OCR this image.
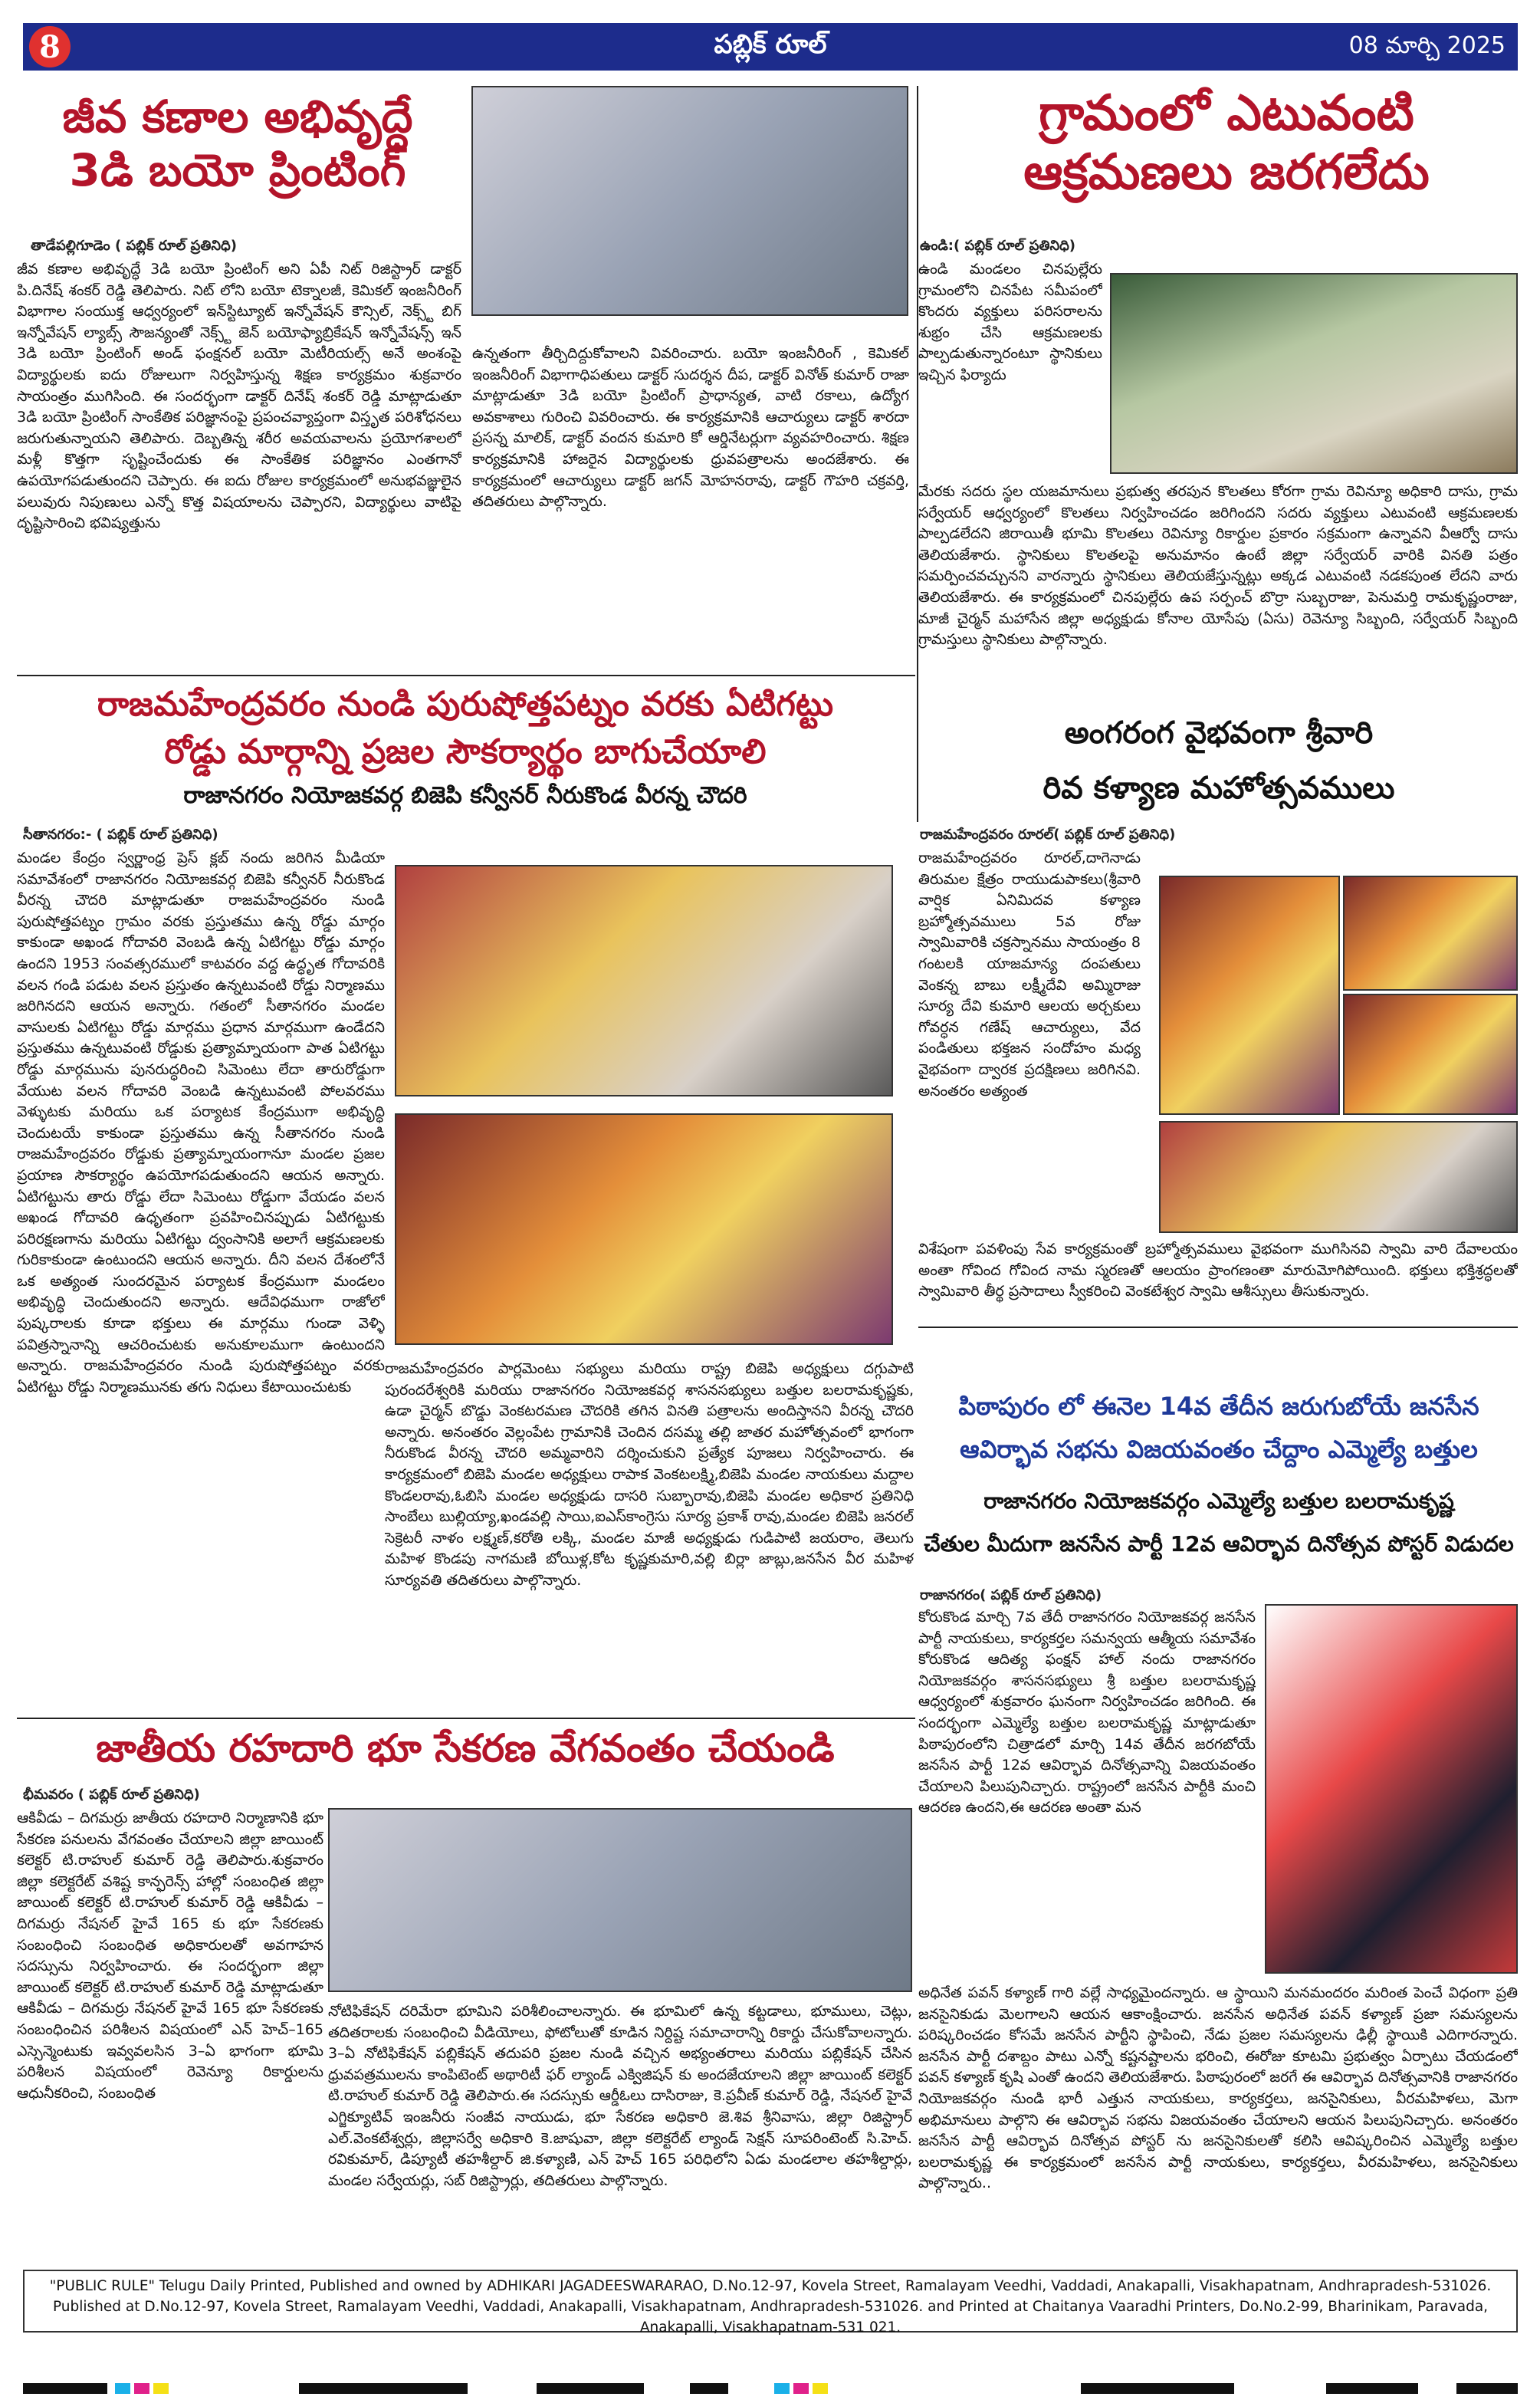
8	పబ్లిక్ రూల్	08 మార్చి 2025
జీవ కణాల అభివృద్ధే
3డి బయో ప్రింటింగ్
తాడేపల్లిగూడెం ( పబ్లిక్ రూల్ ప్రతినిధి)
జీవ కణాల అభివృద్ధే 3డి బయో ప్రింటింగ్ అని ఏపీ నిట్ రిజిస్ట్రార్ డాక్టర్ పి.దినేష్ శంకర్ రెడ్డి తెలిపారు. నిట్ లోని బయో టెక్నాలజీ, కెమికల్ ఇంజనీరింగ్ విభాగాల సంయుక్త ఆధ్వర్యంలో ఇన్‌స్టిట్యూట్ ఇన్నోవేషన్ కౌన్సిల్, నెక్స్ట్ బిగ్ ఇన్నోవేషన్ ల్యాబ్స్ సౌజన్యంతో నెక్స్ట్ జెన్ బయోఫ్యాబ్రికేషన్ ఇన్నోవేషన్స్ ఇన్ 3డి బయో ప్రింటింగ్ అండ్ ఫంక్షనల్ బయో మెటీరియల్స్ అనే అంశంపై విద్యార్థులకు ఐదు రోజులుగా నిర్వహిస్తున్న శిక్షణ కార్యక్రమం శుక్రవారం సాయంత్రం ముగిసింది. ఈ సందర్భంగా డాక్టర్ దినేష్ శంకర్ రెడ్డి మాట్లాడుతూ 3డి బయో ప్రింటింగ్ సాంకేతిక పరిజ్ఞానంపై ప్రపంచవ్యాప్తంగా విస్తృత పరిశోధనలు జరుగుతున్నాయని తెలిపారు. దెబ్బతిన్న శరీర అవయవాలను ప్రయోగశాలలో మళ్లీ కొత్తగా సృష్టించేందుకు ఈ సాంకేతిక పరిజ్ఞానం ఎంతగానో ఉపయోగపడుతుందని చెప్పారు. ఈ ఐదు రోజుల కార్యక్రమంలో అనుభవజ్ఞులైన పలువురు నిపుణులు ఎన్నో కొత్త విషయాలను చెప్పారని, విద్యార్థులు వాటిపై దృష్టిసారించి భవిష్యత్తును
ఉన్నతంగా తీర్చిదిద్దుకోవాలని వివరించారు. బయో ఇంజనీరింగ్ , కెమికల్ ఇంజనీరింగ్ విభాగాధిపతులు డాక్టర్ సుదర్శన దీప, డాక్టర్ వినోత్ కుమార్ రాజా మాట్లాడుతూ 3డి బయో ప్రింటింగ్ ప్రాధాన్యత, వాటి రకాలు, ఉద్యోగ అవకాశాలు గురించి వివరించారు. ఈ కార్యక్రమానికి ఆచార్యులు డాక్టర్ శారదా ప్రసన్న మాలిక్, డాక్టర్ వందన కుమారి కో ఆర్డినేటర్లుగా వ్యవహరించారు. శిక్షణ కార్యక్రమానికి హాజరైన విద్యార్థులకు ధ్రువపత్రాలను అందజేశారు. ఈ కార్యక్రమంలో ఆచార్యులు డాక్టర్ జగన్ మోహనరావు, డాక్టర్ గౌహరి చక్రవర్తి, తదితరులు పాల్గొన్నారు.
గ్రామంలో ఎటువంటి
ఆక్రమణలు జరగలేదు
ఉండి:( పబ్లిక్ రూల్ ప్రతినిధి)
ఉండి మండలం చినపుల్లేరు గ్రామంలోని చినపేట సమీపంలో కొందరు వ్యక్తులు పరిసరాలను శుభ్రం చేసి ఆక్రమణలకు పాల్పడుతున్నారంటూ స్థానికులు ఇచ్చిన ఫిర్యాదు
మేరకు సదరు స్థల యజమానులు ప్రభుత్వ తరపున కొలతలు కోరగా గ్రామ రెవిన్యూ అధికారి దాసు, గ్రామ సర్వేయర్ ఆధ్వర్యంలో కొలతలు నిర్వహించడం జరిగిందని సదరు వ్యక్తులు ఎటువంటి ఆక్రమణలకు పాల్పడలేదని జిరాయితీ భూమి కొలతలు రెవిన్యూ రికార్డుల ప్రకారం సక్రమంగా ఉన్నావని వీఆర్వో దాసు తెలియజేశారు. స్థానికులు కొలతలపై అనుమానం ఉంటే జిల్లా సర్వేయర్ వారికి వినతి పత్రం సమర్పించవచ్చునని వారన్నారు స్థానికులు తెలియజేస్తున్నట్లు అక్కడ ఎటువంటి నడకపుంత లేదని వారు తెలియజేశారు. ఈ కార్యక్రమంలో చినపుల్లేరు ఉప సర్పంచ్ బొర్రా సుబ్బరాజు, పెనుమర్తి రామకృష్ణంరాజు, మాజీ చైర్మన్ మహాసేన జిల్లా అధ్యక్షుడు కోనాల యోసేపు (ఏసు) రెవెన్యూ సిబ్బంది, సర్వేయర్ సిబ్బంది గ్రామస్తులు స్థానికులు పాల్గొన్నారు.
రాజమహేంద్రవరం నుండి పురుషోత్తపట్నం వరకు ఏటిగట్టు
రోడ్డు మార్గాన్ని ప్రజల సౌకర్యార్థం బాగుచేయాలి
రాజానగరం నియోజకవర్గ బిజెపి కన్వీనర్ నీరుకొండ వీరన్న చౌదరి
సీతానగరం:- ( పబ్లిక్ రూల్ ప్రతినిధి)
మండల కేంద్రం స్వర్ణాంధ్ర ప్రెస్ క్లబ్ నందు జరిగిన మీడియా సమావేశంలో రాజానగరం నియోజకవర్గ బిజెపి కన్వీనర్ నీరుకొండ వీరన్న చౌదరి మాట్లాడుతూ రాజమహేంద్రవరం నుండి పురుషోత్తపట్నం గ్రామం వరకు ప్రస్తుతము ఉన్న రోడ్డు మార్గం కాకుండా అఖండ గోదావరి వెంబడి ఉన్న ఏటిగట్టు రోడ్డు మార్గం ఉందని 1953 సంవత్సరములో కాటవరం వద్ద ఉద్ధృత గోదావరికి వలన గండి పడుట వలన ప్రస్తుతం ఉన్నటువంటి రోడ్డు నిర్మాణము జరిగినదని ఆయన అన్నారు. గతంలో సీతానగరం మండల వాసులకు ఏటిగట్టు రోడ్డు మార్గము ప్రధాన మార్గముగా ఉండేదని ప్రస్తుతము ఉన్నటువంటి రోడ్డుకు ప్రత్యామ్నాయంగా పాత ఏటిగట్టు రోడ్డు మార్గమును పునరుద్ధరించి సిమెంటు లేదా తారురోడ్డుగా వేయుట వలన గోదావరి వెంబడి ఉన్నటువంటి పోలవరము వెళ్ళుటకు మరియు ఒక పర్యాటక కేంద్రముగా అభివృద్ధి చెందుటయే కాకుండా ప్రస్తుతము ఉన్న సీతానగరం నుండి రాజమహేంద్రవరం రోడ్డుకు ప్రత్యామ్నాయంగానూ మండల ప్రజల ప్రయాణ సౌకర్యార్థం ఉపయోగపడుతుందని ఆయన అన్నారు. ఏటిగట్టును తారు రోడ్డు లేదా సిమెంటు రోడ్డుగా వేయడం వలన అఖండ గోదావరి ఉధృతంగా ప్రవహించినప్పుడు ఏటిగట్టుకు పరిరక్షణగాను మరియు ఏటిగట్టు ద్వంసానికి అలాగే ఆక్రమణలకు గురికాకుండా ఉంటుందని ఆయన అన్నారు. దీని వలన దేశంలోనే ఒక అత్యంత సుందరమైన పర్యాటక కేంద్రముగా మండలం అభివృద్ధి చెందుతుందని అన్నారు. ఆదేవిధముగా రాజోలో పుష్కరాలకు కూడా భక్తులు ఈ మార్గము గుండా వెళ్ళి పవిత్రస్నానాన్ని ఆచరించుటకు అనుకూలముగా ఉంటుందని అన్నారు. రాజమహేంద్రవరం నుండి పురుషోత్తపట్నం వరకు ఏటిగట్టు రోడ్డు నిర్మాణమునకు తగు నిధులు కేటాయించుటకు
రాజమహేంద్రవరం పార్లమెంటు సభ్యులు మరియు రాష్ట్ర బిజెపి అధ్యక్షులు దగ్గుపాటి పురందరేశ్వరికి మరియు రాజానగరం నియోజకవర్గ శాసనసభ్యులు బత్తుల బలరామకృష్ణకు, ఉడా చైర్మన్ బొడ్డు వెంకటరమణ చౌదరికి తగిన వినతి పత్రాలను అందిస్తానని వీరన్న చౌదరి అన్నారు. అనంతరం వెల్లంపేట గ్రామానికి చెందిన దసమ్మ తల్లి జాతర మహోత్సవంలో భాగంగా నీరుకొండ వీరన్న చౌదరి అమ్మవారిని దర్శించుకుని ప్రత్యేక పూజలు నిర్వహించారు. ఈ కార్యక్రమంలో బిజెపి మండల అధ్యక్షులు రాపాక వెంకటలక్ష్మి,బిజెపి మండల నాయకులు మద్దాల కొండలరావు,ఓబిసి మండల అధ్యక్షుడు దాసరి సుబ్బారావు,బిజెపి మండల అధికార ప్రతినిధి సాంబేలు బుల్లియ్యా,ఖండవల్లి సాయి,ఐఎస్‌కాంగ్రెసు సూర్య ప్రకాశ్ రావు,మండల బిజెపి జనరల్ సెక్రెటరీ నాళం లక్ష్మణ్,కరోతి లక్కి, మండల మాజీ అధ్యక్షుడు గుడిపాటి జయరాం, తెలుగు మహిళ కొండపు నాగమణి బోయిళ్ల,కోట కృష్ణకుమారి,వల్లి బిర్లా జాబ్లు,జనసేన వీర మహిళ సూర్యవతి తదితరులు పాల్గొన్నారు.
అంగరంగ వైభవంగా శ్రీవారి
రివ కళ్యాణ మహోత్సవములు
రాజమహేంద్రవరం రూరల్( పబ్లిక్ రూల్ ప్రతినిధి)
రాజమహేంద్రవరం రూరల్,దాగెనాడు తిరుమల క్షేత్రం రాయుడుపాకలు(శ్రీవారి వార్షిక ఏనిమిదవ కళ్యాణ బ్రహ్మోత్సవములు 5వ రోజు స్వామివారికి చక్రస్నానము సాయంత్రం 8 గంటలకి యాజమాన్య దంపతులు వెంకన్న బాబు లక్ష్మీదేవి అమ్మిరాజు సూర్య దేవి కుమారి ఆలయ అర్చకులు గోవర్ధన గణేష్ ఆచార్యులు, వేద పండితులు భక్తజన సందోహం మధ్య వైభవంగా ద్వారక ప్రదక్షిణలు జరిగినవి. అనంతరం అత్యంత
విశేషంగా పవళింపు సేవ కార్యక్రమంతో బ్రహ్మోత్సవములు వైభవంగా ముగిసినవి స్వామి వారి దేవాలయం అంతా గోవింద గోవింద నామ స్మరణతో ఆలయం ప్రాంగణంతా మారుమోగిపోయింది. భక్తులు భక్తిశ్రద్ధలతో స్వామివారి తీర్థ ప్రసాదాలు స్వీకరించి వెంకటేశ్వర స్వామి ఆశీస్సులు తీసుకున్నారు.
పిఠాపురం లో ఈనెల 14వ తేదీన జరుగుబోయే జనసేన
ఆవిర్భావ సభను విజయవంతం చేద్దాం ఎమ్మెల్యే బత్తుల
రాజానగరం నియోజకవర్గం ఎమ్మెల్యే బత్తుల బలరామకృష్ణ
చేతుల మీదుగా జనసేన పార్టీ 12వ ఆవిర్భావ దినోత్సవ పోస్టర్ విడుదల
రాజానగరం( పబ్లిక్ రూల్ ప్రతినిధి)
కోరుకొండ మార్చి 7వ తేదీ రాజానగరం నియోజకవర్గ జనసేన పార్టీ నాయకులు, కార్యకర్తల సమన్వయ ఆత్మీయ సమావేశం కోరుకొండ ఆదిత్య ఫంక్షన్ హాల్ నందు రాజానగరం నియోజకవర్గం శాసనసభ్యులు శ్రీ బత్తుల బలరామకృష్ణ ఆధ్వర్యంలో శుక్రవారం ఘనంగా నిర్వహించడం జరిగింది. ఈ సందర్భంగా ఎమ్మెల్యే బత్తుల బలరామకృష్ణ మాట్లాడుతూ పిఠాపురంలోని చిత్రాడలో మార్చి 14వ తేదీన జరగబోయే జనసేన పార్టీ 12వ ఆవిర్భావ దినోత్సవాన్ని విజయవంతం చేయాలని పిలుపునిచ్చారు. రాష్ట్రంలో జనసేన పార్టీకి మంచి ఆదరణ ఉందని,ఈ ఆదరణ అంతా మన
జాతీయ రహదారి భూ సేకరణ వేగవంతం చేయండి
భీమవరం ( పబ్లిక్ రూల్ ప్రతినిధి)
ఆకివీడు – దిగమర్రు జాతీయ రహదారి నిర్మాణానికి భూ సేకరణ పనులను వేగవంతం చేయాలని జిల్లా జాయింట్ కలెక్టర్ టి.రాహుల్ కుమార్ రెడ్డి తెలిపారు.శుక్రవారం జిల్లా కలెక్టరేట్ వశిష్ట కాన్ఫరెన్స్ హాల్లో సంబంధిత జిల్లా జాయింట్ కలెక్టర్ టి.రాహుల్ కుమార్ రెడ్డి ఆకివీడు – దిగమర్రు నేషనల్ హైవే 165 కు భూ సేకరణకు సంబంధించి సంబంధిత అధికారులతో అవగాహన సదస్సును నిర్వహించారు. ఈ సందర్భంగా జిల్లా జాయింట్ కలెక్టర్ టి.రాహుల్ కుమార్ రెడ్డి మాట్లాడుతూ ఆకివీడు – దిగమర్రు నేషనల్ హైవే 165 భూ సేకరణకు సంబంధించిన పరిశీలన విషయంలో ఎన్ హెచ్–165 ఎస్సెన్మెంటుకు ఇవ్వవలసిన 3–ఏ భాగంగా భూమి పరిశీలన విషయంలో రెవెన్యూ రికార్డులను ఆధునీకరించి, సంబంధిత
నోటిఫికేషన్ దరిమేరా భూమిని పరిశీలించాలన్నారు. ఈ భూమిలో ఉన్న కట్టడాలు, భూములు, చెట్లు, తదితరాలకు సంబంధించి వీడియోలు, ఫోటోలుతో కూడిన నిర్దిష్ట సమాచారాన్ని రికార్డు చేసుకోవాలన్నారు. 3–ఏ నోటిఫికేషన్ పబ్లికేషన్ తదుపరి ప్రజల నుండి వచ్చిన అభ్యంతరాలు మరియు పబ్లికేషన్ చేసిన ధ్రువపత్రములను కాంపిటెంట్ అథారిటీ ఫర్ ల్యాండ్ ఎక్విజిషన్ కు అందజేయాలని జిల్లా జాయింట్ కలెక్టర్ టి.రాహుల్ కుమార్ రెడ్డి తెలిపారు.ఈ సదస్సుకు ఆర్డీఓలు దాసిరాజు, కె.ప్రవీణ్ కుమార్ రెడ్డి, నేషనల్ హైవే ఎగ్జిక్యూటివ్ ఇంజనీరు సంజీవ నాయుడు, భూ సేకరణ అధికారి జె.శివ శ్రీనివాసు, జిల్లా రిజిస్ట్రార్ ఎల్.వెంకటేశ్వర్లు, జిల్లాసర్వే అధికారి కె.జాషువా, జిల్లా కలెక్టరేట్ ల్యాండ్ సెక్షన్ సూపరింటెంట్ సి.హెచ్. రవికుమార్, డిప్యూటీ తహశీల్దార్ జి.కళ్యాణి, ఎన్ హెచ్ 165 పరిధిలోని ఏడు మండలాల తహశీల్దార్లు, మండల సర్వేయర్లు, సబ్ రిజిస్ట్రార్లు, తదితరులు పాల్గొన్నారు.
అధినేత పవన్ కళ్యాణ్ గారి వల్లే సాధ్యమైందన్నారు. ఆ స్థాయిని మనమందరం మరింత పెంచే విధంగా ప్రతి జనసైనికుడు మెలగాలని ఆయన ఆకాంక్షించారు. జనసేన అధినేత పవన్ కళ్యాణ్ ప్రజా సమస్యలను పరిష్కరించడం కోసమే జనసేన పార్టీని స్థాపించి, నేడు ప్రజల సమస్యలను ఢిల్లీ స్థాయికి ఎదిగారన్నారు. జనసేన పార్టీ దశాబ్దం పాటు ఎన్నో కష్టనష్టాలను భరించి, ఈరోజు కూటమి ప్రభుత్వం ఏర్పాటు చేయడంలో పవన్ కళ్యాణ్ కృషి ఎంతో ఉందని తెలియజేశారు. పిఠాపురంలో జరగే ఈ ఆవిర్భావ దినోత్సవానికి రాజానగరం నియోజకవర్గం నుండి భారీ ఎత్తున నాయకులు, కార్యకర్తలు, జనసైనికులు, వీరమహిళలు, మెగా అభిమానులు పాల్గొని ఈ ఆవిర్భావ సభను విజయవంతం చేయాలని ఆయన పిలుపునిచ్చారు. అనంతరం జనసేన పార్టీ ఆవిర్భావ దినోత్సవ పోస్టర్ ను జనసైనికులతో కలిసి ఆవిష్కరించిన ఎమ్మెల్యే బత్తుల బలరామకృష్ణ ఈ కార్యక్రమంలో జనసేన పార్టీ నాయకులు, కార్యకర్తలు, వీరమహిళలు, జనసైనికులు పాల్గొన్నారు..
"PUBLIC RULE" Telugu Daily Printed, Published and owned by ADHIKARI JAGADEESWARARAO, D.No.12-97, Kovela Street, Ramalayam Veedhi, Vaddadi, Anakapalli, Visakhapatnam, Andhrapradesh-531026. Published at D.No.12-97, Kovela Street, Ramalayam Veedhi, Vaddadi, Anakapalli, Visakhapatnam, Andhrapradesh-531026. and Printed at Chaitanya Vaaradhi Printers, Do.No.2-99, Bharinikam, Paravada, Anakapalli, Visakhapatnam-531 021.
